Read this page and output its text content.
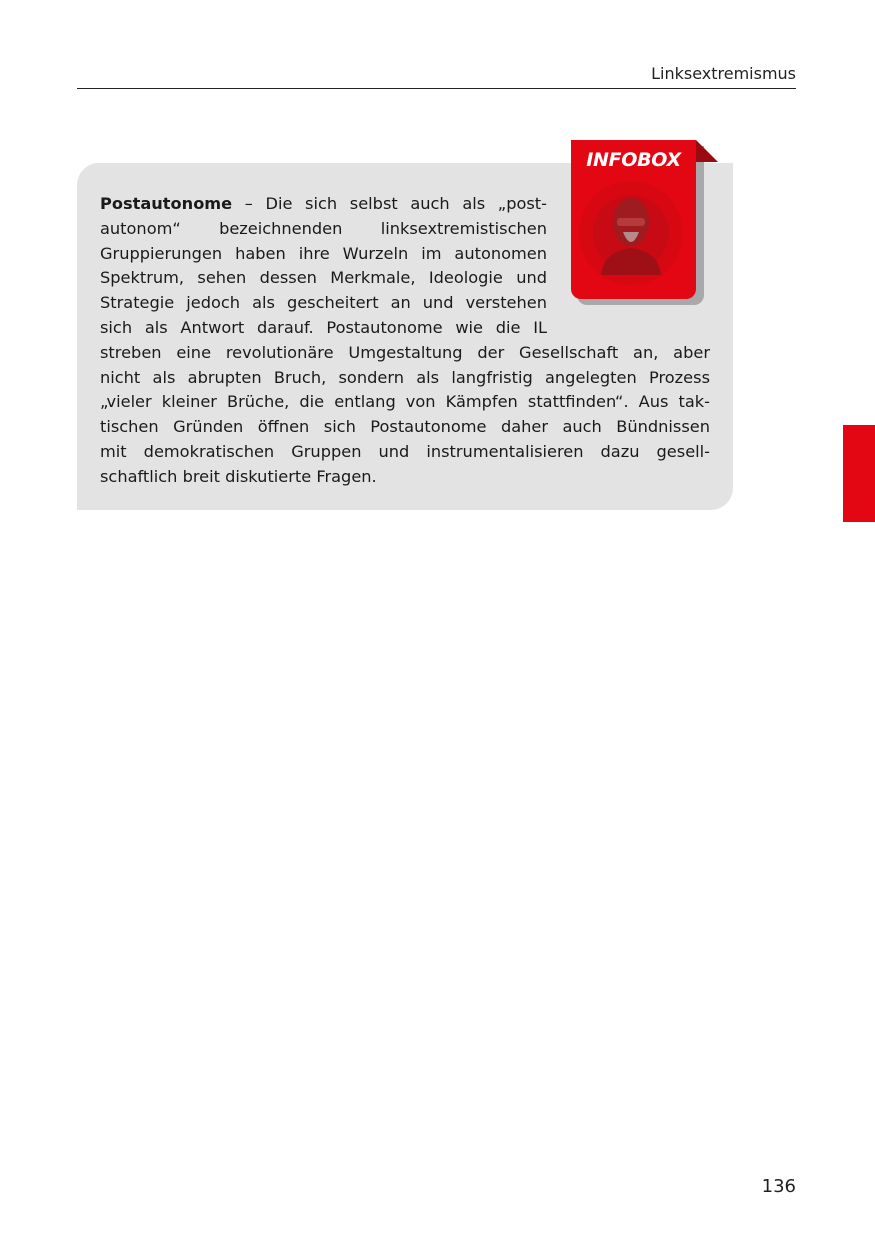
Linksextremismus
INFOBOX
Postautonome – Die sich selbst auch als „post-
autonom“ bezeichnenden linksextremistischen
Gruppierungen haben ihre Wurzeln im autonomen
Spektrum, sehen dessen Merkmale, Ideologie und
Strategie jedoch als gescheitert an und verstehen
sich als Antwort darauf. Postautonome wie die IL
streben eine revolutionäre Umgestaltung der Gesellschaft an, aber
nicht als abrupten Bruch, sondern als langfristig angelegten Prozess
„vieler kleiner Brüche, die entlang von Kämpfen stattfinden“. Aus tak-
tischen Gründen öffnen sich Postautonome daher auch Bündnissen
mit demokratischen Gruppen und instrumentalisieren dazu gesell-
schaftlich breit diskutierte Fragen.
136
